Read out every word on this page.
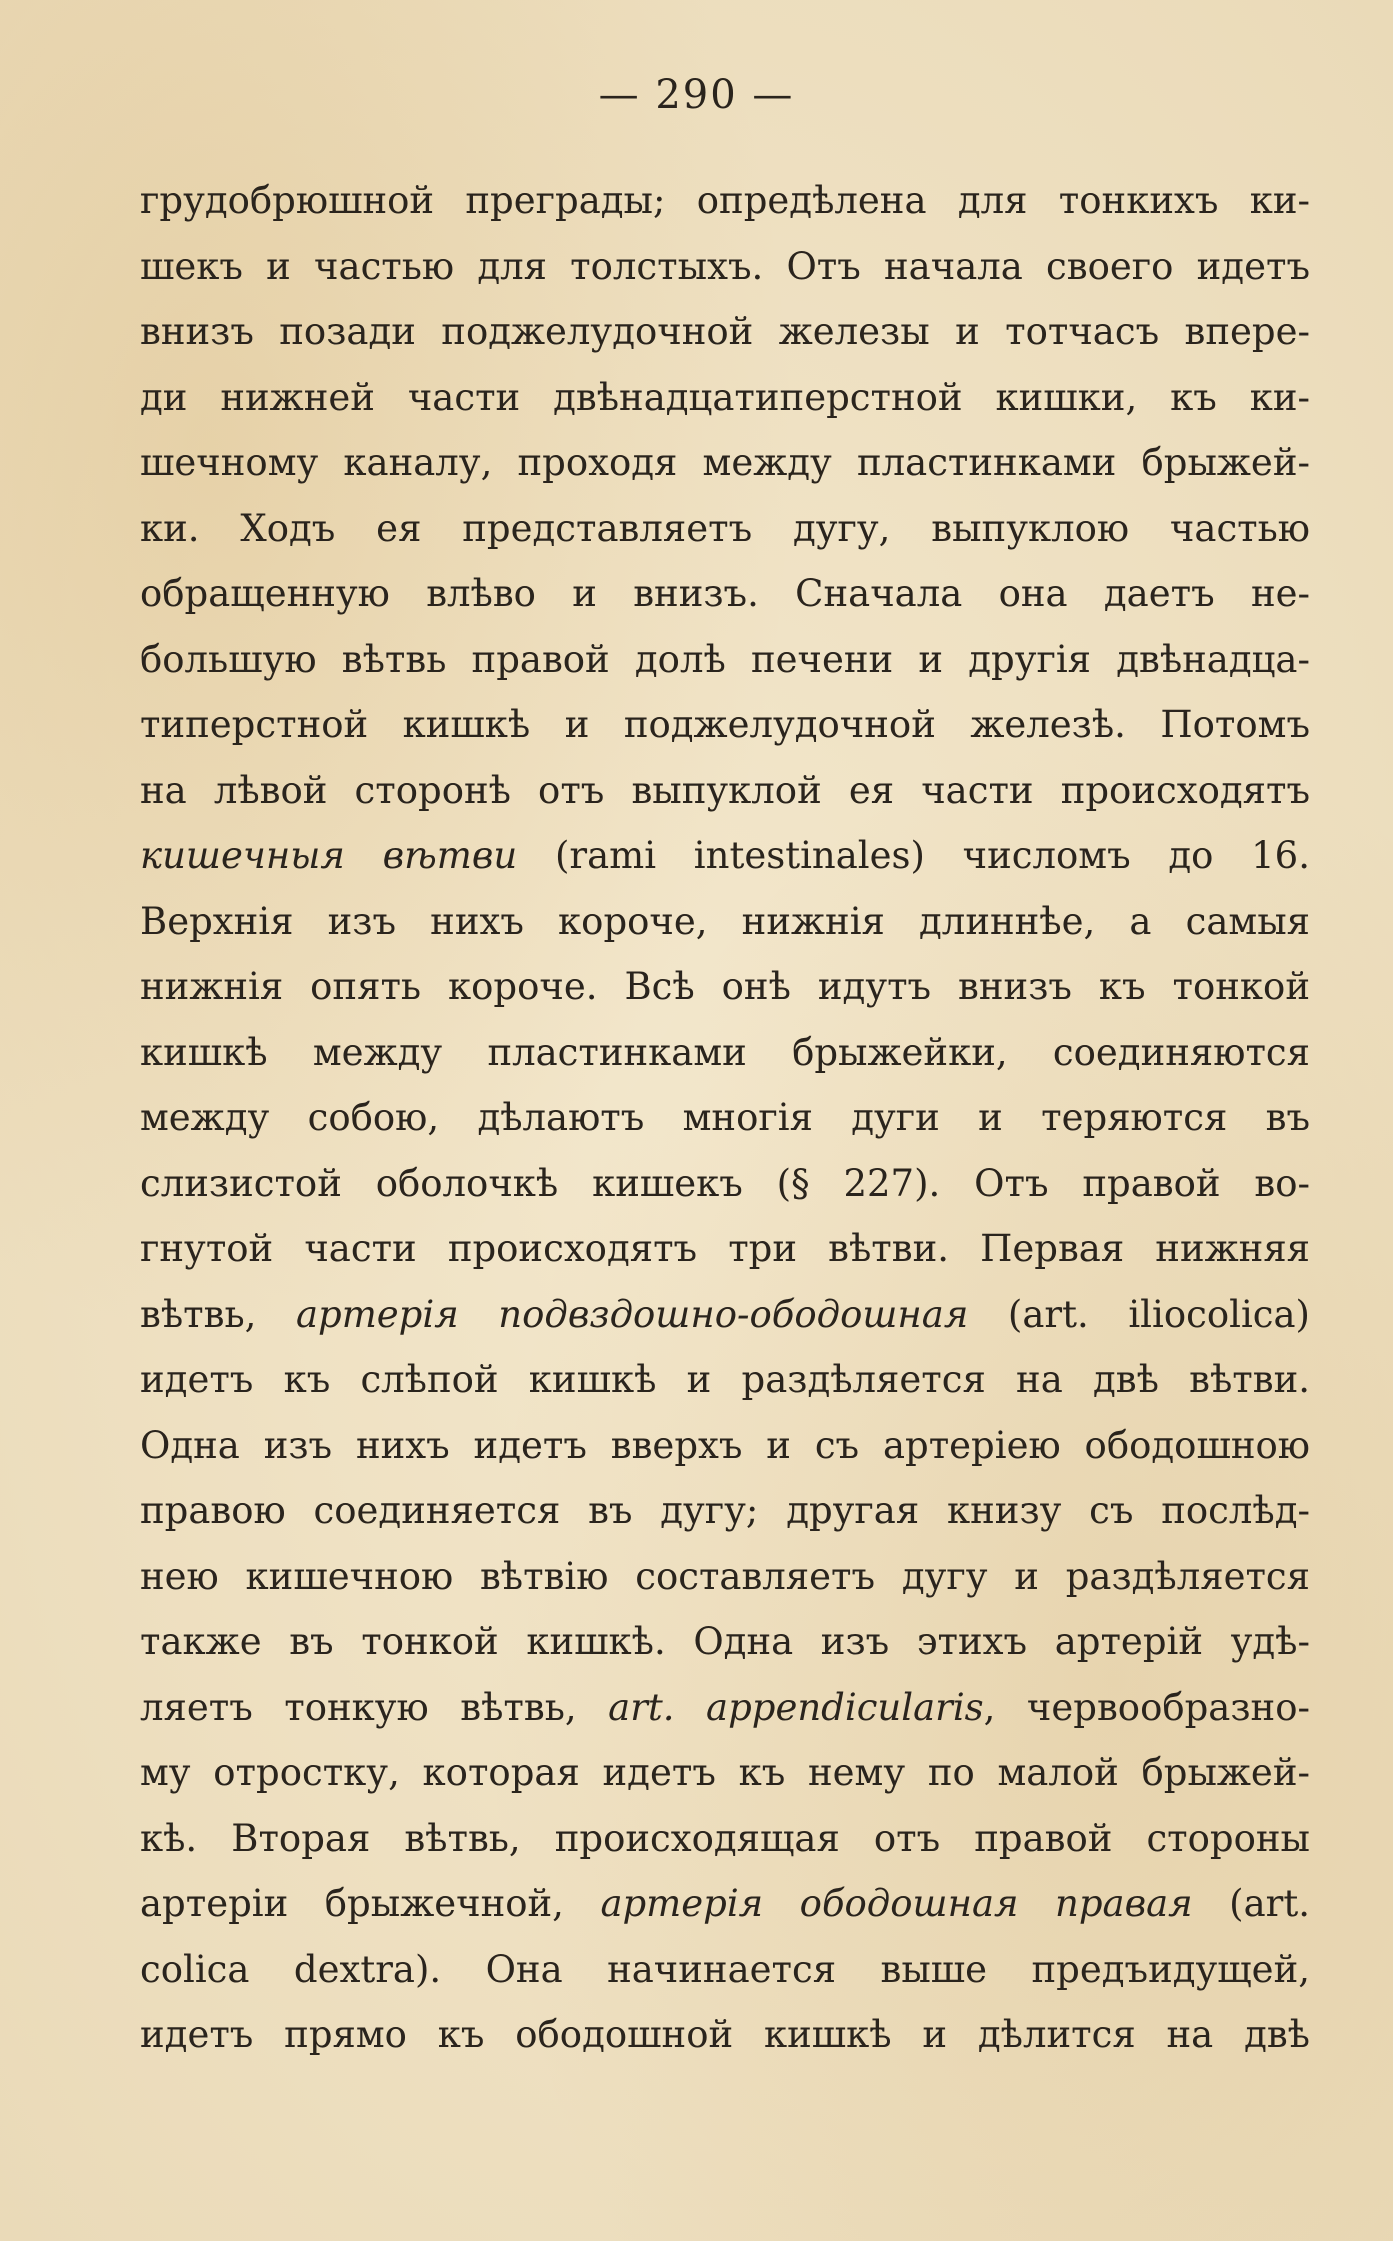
— 290 —
грудобрюшной преграды; опредѣлена для тонкихъ ки-
шекъ и частью для толстыхъ. Отъ начала своего идетъ
внизъ позади поджелудочной железы и тотчасъ впере-
ди нижней части двѣнадцатиперстной кишки, къ ки-
шечному каналу, проходя между пластинками брыжей-
ки. Ходъ ея представляетъ дугу, выпуклою частью
обращенную влѣво и внизъ. Сначала она даетъ не-
большую вѣтвь правой долѣ печени и другія двѣнадца-
типерстной кишкѣ и поджелудочной железѣ. Потомъ
на лѣвой сторонѣ отъ выпуклой ея части происходятъ
кишечныя вѣтви (rami intestinales) числомъ до 16.
Верхнія изъ нихъ короче, нижнія длиннѣе, а самыя
нижнія опять короче. Всѣ онѣ идутъ внизъ къ тонкой
кишкѣ между пластинками брыжейки, соединяются
между собою, дѣлаютъ многія дуги и теряются въ
слизистой оболочкѣ кишекъ (§ 227). Отъ правой во-
гнутой части происходятъ три вѣтви. Первая нижняя
вѣтвь, артерія подвздошно-ободошная (art. iliocolica)
идетъ къ слѣпой кишкѣ и раздѣляется на двѣ вѣтви.
Одна изъ нихъ идетъ вверхъ и съ артеріею ободошною
правою соединяется въ дугу; другая книзу съ послѣд-
нею кишечною вѣтвію составляетъ дугу и раздѣляется
также въ тонкой кишкѣ. Одна изъ этихъ артерій удѣ-
ляетъ тонкую вѣтвь, art. appendicularis, червообразно-
му отростку, которая идетъ къ нему по малой брыжей-
кѣ. Вторая вѣтвь, происходящая отъ правой стороны
артеріи брыжечной, артерія ободошная правая (art.
colica dextra). Она начинается выше предъидущей,
идетъ прямо къ ободошной кишкѣ и дѣлится на двѣ
